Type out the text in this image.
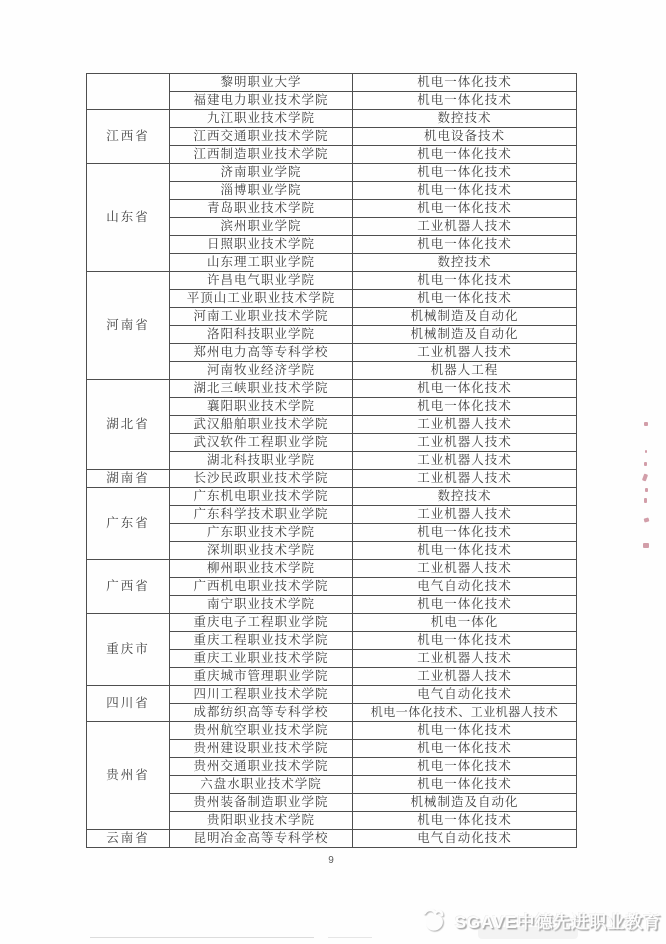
	黎明职业大学	机电一体化技术
	福建电力职业技术学院	机电一体化技术
江西省	九江职业技术学院	数控技术
	江西交通职业技术学院	机电设备技术
	江西制造职业技术学院	机电一体化技术
山东省	济南职业学院	机电一体化技术
	淄博职业学院	机电一体化技术
	青岛职业技术学院	机电一体化技术
	滨州职业学院	工业机器人技术
	日照职业技术学院	机电一体化技术
	山东理工职业学院	数控技术
河南省	许昌电气职业学院	机电一体化技术
	平顶山工业职业技术学院	机电一体化技术
	河南工业职业技术学院	机械制造及自动化
	洛阳科技职业学院	机械制造及自动化
	郑州电力高等专科学校	工业机器人技术
	河南牧业经济学院	机器人工程
湖北省	湖北三峡职业技术学院	机电一体化技术
	襄阳职业技术学院	机电一体化技术
	武汉船舶职业技术学院	工业机器人技术
	武汉软件工程职业学院	工业机器人技术
	湖北科技职业学院	工业机器人技术
湖南省	长沙民政职业技术学院	工业机器人技术
广东省	广东机电职业技术学院	数控技术
	广东科学技术职业学院	工业机器人技术
	广东职业技术学院	机电一体化技术
	深圳职业技术学院	机电一体化技术
广西省	柳州职业技术学院	工业机器人技术
	广西机电职业技术学院	电气自动化技术
	南宁职业技术学院	机电一体化技术
重庆市	重庆电子工程职业学院	机电一体化
	重庆工程职业技术学院	机电一体化技术
	重庆工业职业技术学院	工业机器人技术
	重庆城市管理职业学院	工业机器人技术
四川省	四川工程职业技术学院	电气自动化技术
	成都纺织高等专科学校	机电一体化技术、工业机器人技术
贵州省	贵州航空职业技术学院	机电一体化技术
	贵州建设职业技术学院	机电一体化技术
	贵州交通职业技术学院	机电一体化技术
	六盘水职业技术学院	机电一体化技术
	贵州装备制造职业学院	机械制造及自动化
	贵阳职业技术学院	机电一体化技术
云南省	昆明冶金高等专科学校	电气自动化技术
9
SGAVE中德先进职业教育
